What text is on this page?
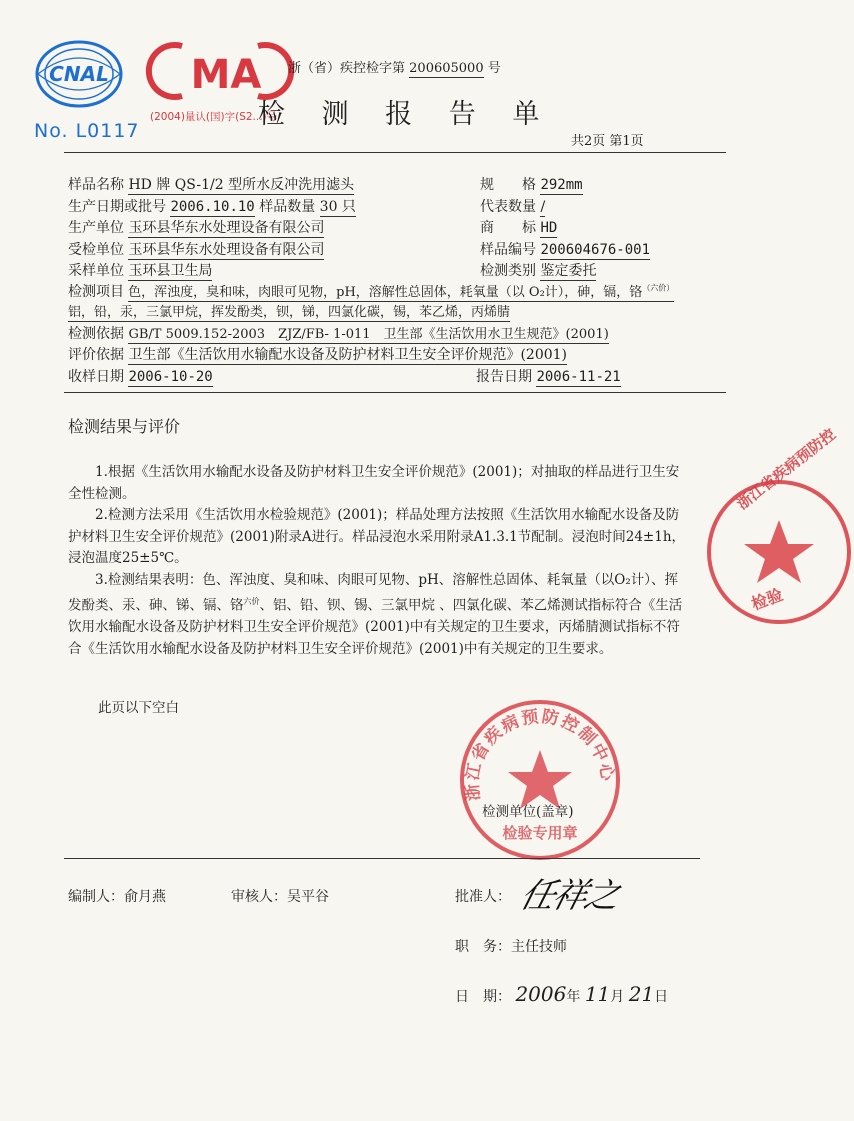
CNAL
No. L0117
MA
(2004)量认(国)字(S2...)号
浙（省）疾控检字第 200605000 号
检 测 报 告 单
共2页 第1页
样品名称 HD 牌 QS-1/2 型所水反冲洗用滤头	规　　格 292mm
生产日期或批号 2006.10.10 样品数量 30 只	代表数量 /
生产单位 玉环县华东水处理设备有限公司	商　　标 HD
受检单位 玉环县华东水处理设备有限公司	样品编号 200604676-001
采样单位 玉环县卫生局	检测类别 鉴定委托
检测项目 色，浑浊度，臭和味，肉眼可见物，pH，溶解性总固体，耗氧量（以 O₂计），砷，镉，铬$^{(六价)}$
铝，铅，汞，三氯甲烷，挥发酚类，钡，锑，四氯化碳，锡，苯乙烯，丙烯腈
检测依据 GB/T 5009.152-2003　ZJZ/FB- 1-011　卫生部《生活饮用水卫生规范》(2001)
评价依据 卫生部《生活饮用水输配水设备及防护材料卫生安全评价规范》(2001)
收样日期 2006-10-20	报告日期 2006-11-21
检测结果与评价

1.根据《生活饮用水输配水设备及防护材料卫生安全评价规范》(2001)；对抽取的样品进行卫生安全性检测。

2.检测方法采用《生活饮用水检验规范》(2001)；样品处理方法按照《生活饮用水输配水设备及防护材料卫生安全评价规范》(2001)附录A进行。样品浸泡水采用附录A1.3.1节配制。浸泡时间24±1h，浸泡温度25±5℃。

3.检测结果表明：色、浑浊度、臭和味、肉眼可见物、pH、溶解性总固体、耗氧量（以O₂计）、挥发酚类、汞、砷、锑、镉、铬$^{六价}$、铝、铅、钡、锡、三氯甲烷 、四氯化碳、苯乙烯测试指标符合《生活饮用水输配水设备及防护材料卫生安全评价规范》(2001)中有关规定的卫生要求，丙烯腈测试指标不符合《生活饮用水输配水设备及防护材料卫生安全评价规范》(2001)中有关规定的卫生要求。

此页以下空白
浙江省疾病预防控
检验
浙江省疾病预防控制中心
检验专用章
检测单位(盖章)
编制人：俞月燕	审核人：吴平谷	批准人： 任祥之
职　务：主任技师
日　期： 2006年 11月 21日
